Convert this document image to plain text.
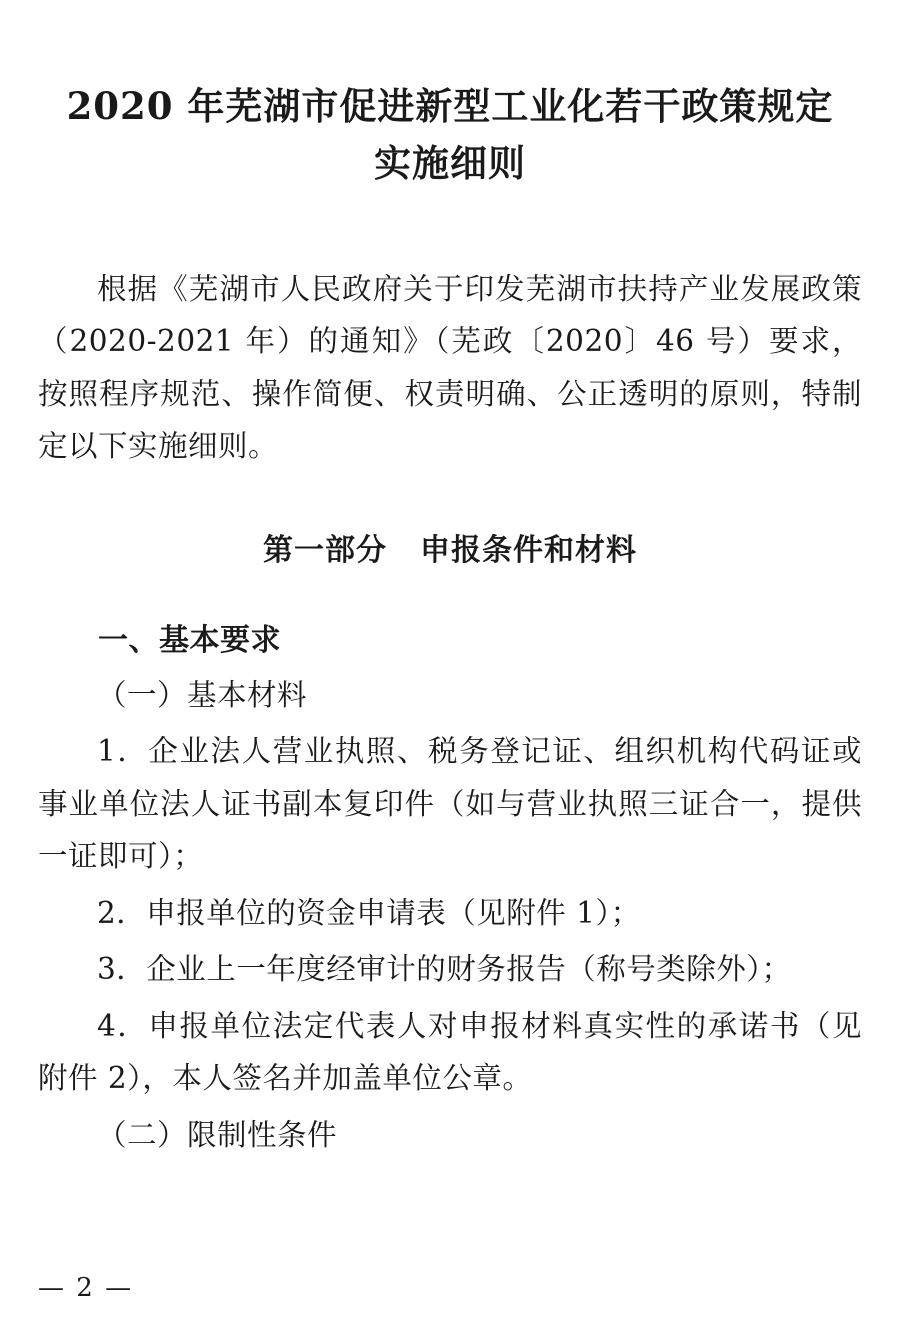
2020 年芜湖市促进新型工业化若干政策规定
实施细则

根据《芜湖市人民政府关于印发芜湖市扶持产业发展政策（2020-2021 年）的通知》（芜政〔2020〕46 号）要求，按照程序规范、操作简便、权责明确、公正透明的原则，特制定以下实施细则。

第一部分 申报条件和材料

一、基本要求

（一）基本材料

1．企业法人营业执照、税务登记证、组织机构代码证或事业单位法人证书副本复印件（如与营业执照三证合一，提供一证即可）；

2．申报单位的资金申请表（见附件 1）；

3．企业上一年度经审计的财务报告（称号类除外）；

4．申报单位法定代表人对申报材料真实性的承诺书（见附件 2），本人签名并加盖单位公章。

（二）限制性条件

— 2 —
